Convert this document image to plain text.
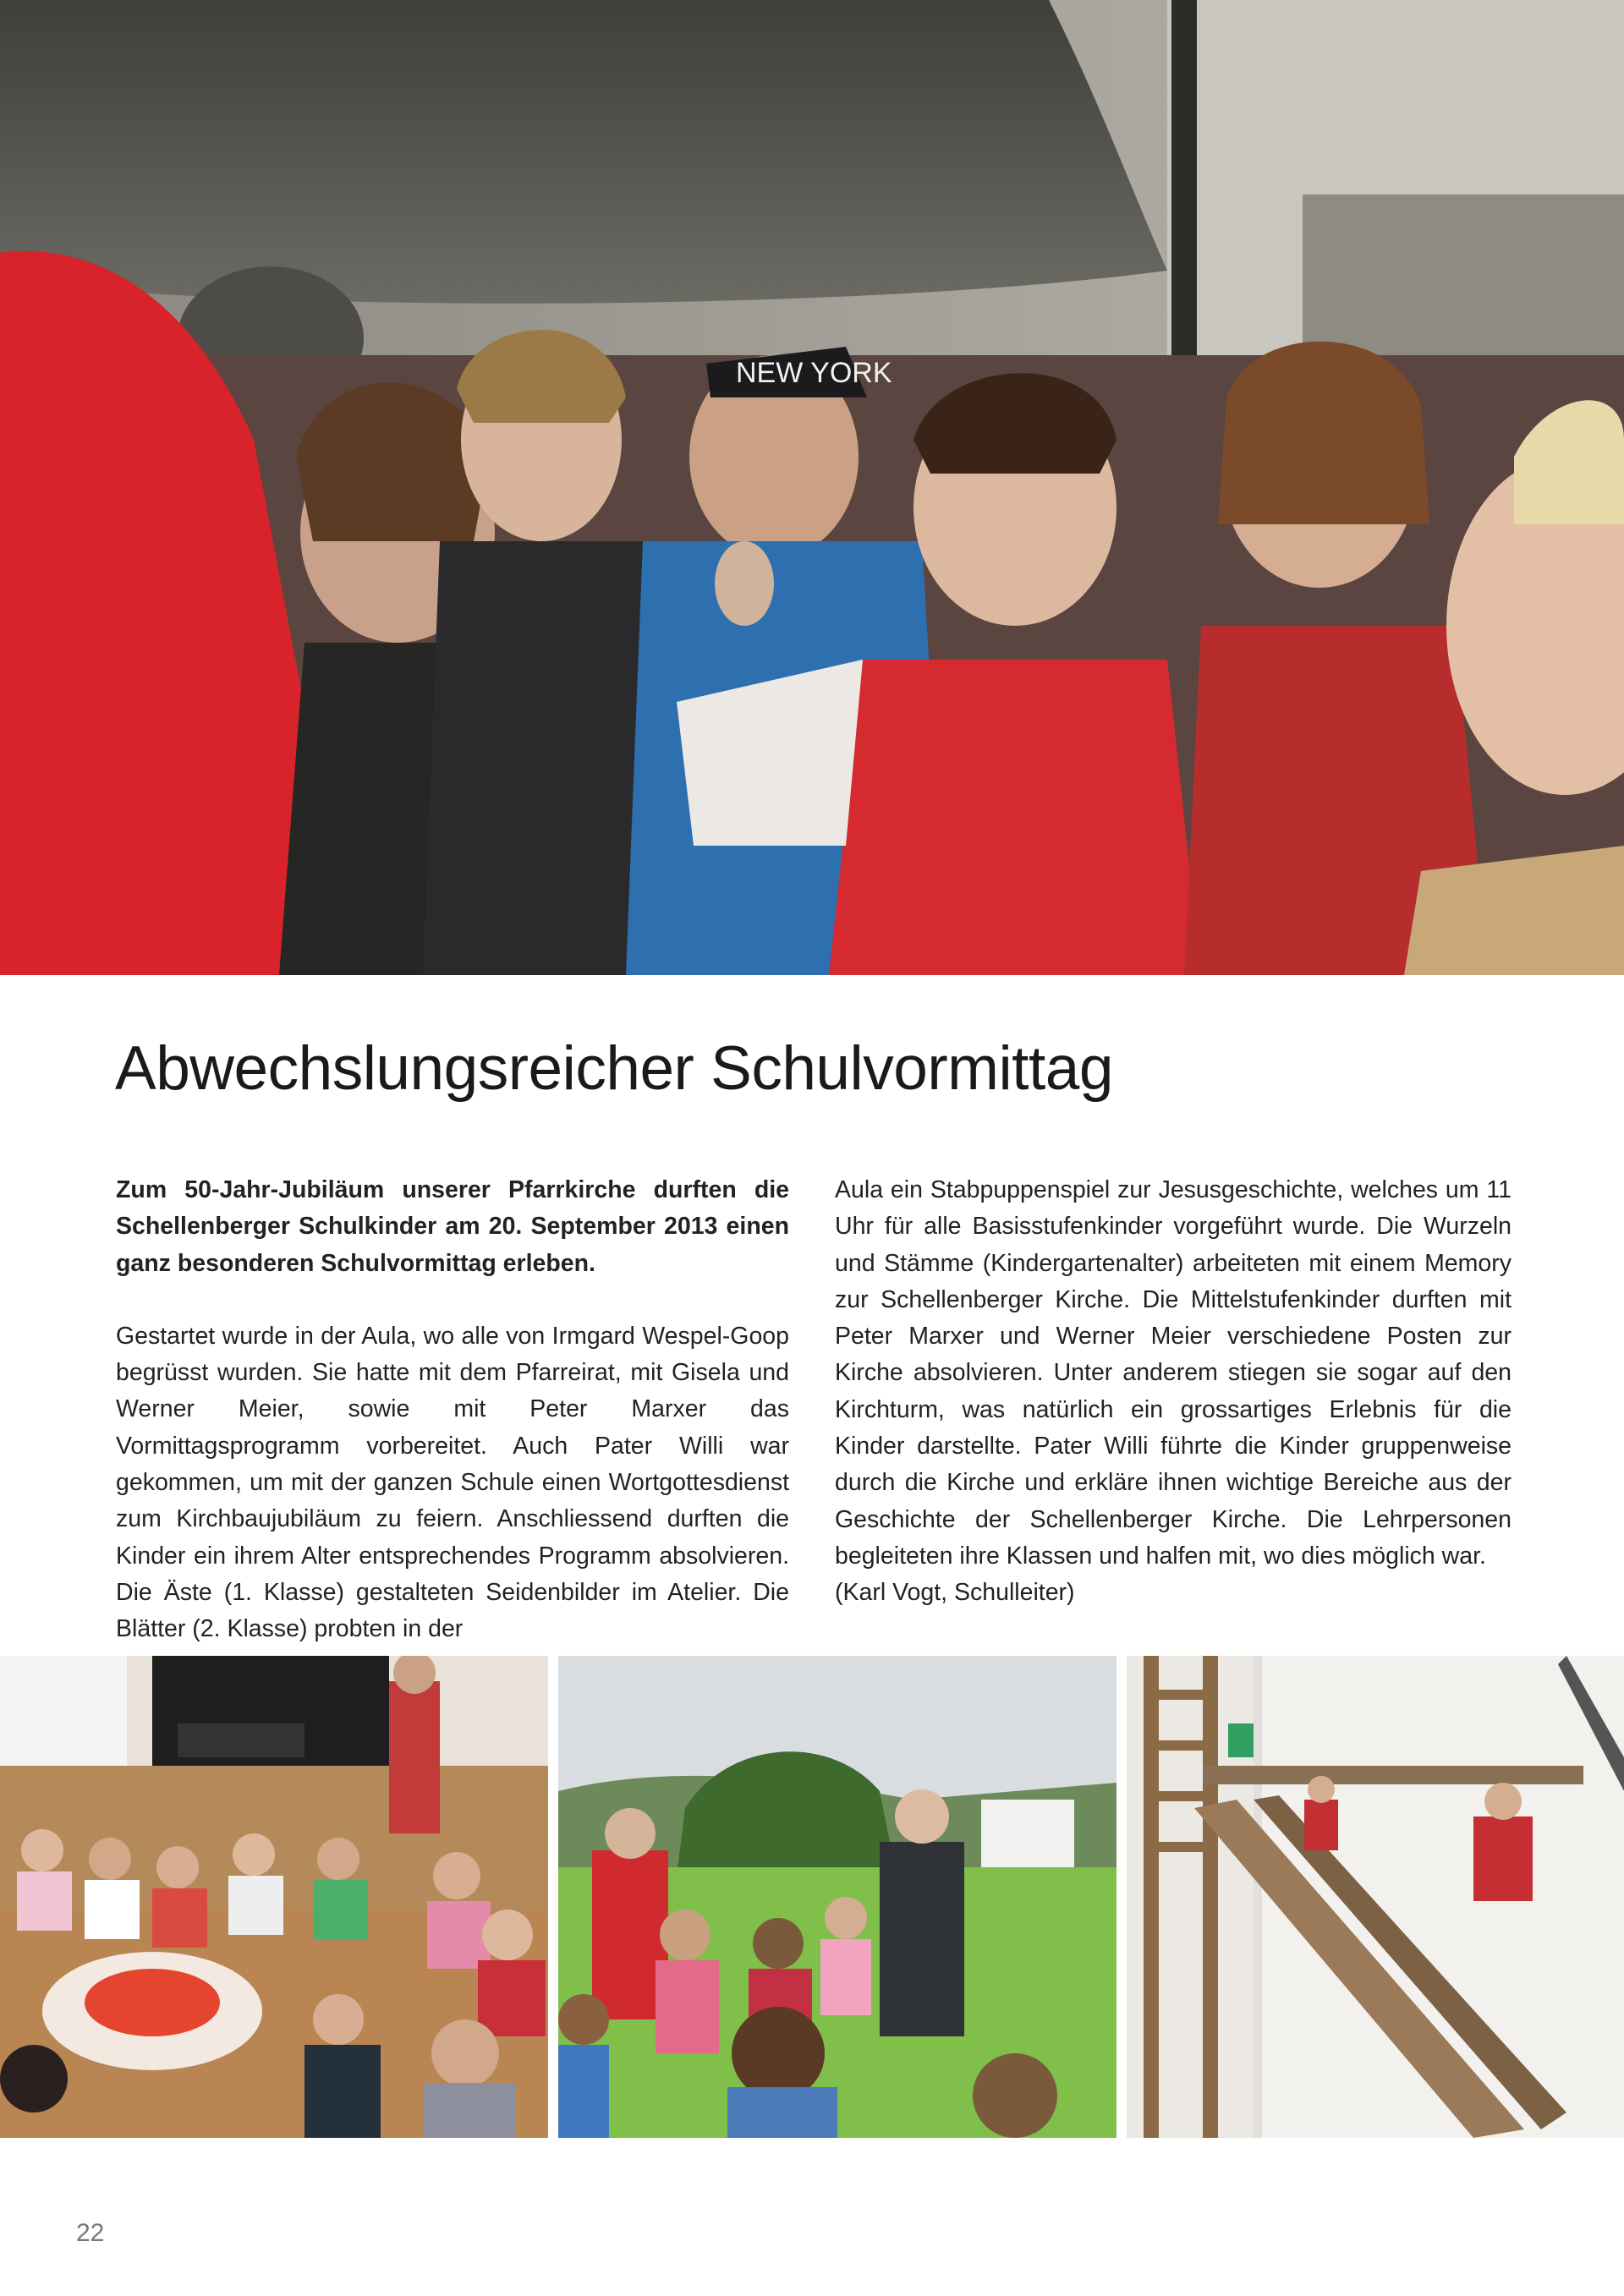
NEW YORK
Abwechslungsreicher Schulvormittag

Zum 50-Jahr-Jubiläum unserer Pfarrkirche durften die Schellenberger Schulkinder am 20. September 2013 einen ganz besonderen Schulvormittag erleben.

Gestartet wurde in der Aula, wo alle von Irmgard Wespel-Goop begrüsst wurden. Sie hatte mit dem Pfarreirat, mit Gisela und Werner Meier, sowie mit Peter Marxer das Vormittagsprogramm vorbereitet. Auch Pater Willi war gekommen, um mit der ganzen Schule einen Wortgottesdienst zum Kirchbaujubiläum zu feiern. Anschliessend durften die Kinder ein ihrem Alter entsprechendes Programm absolvieren. Die Äste (1. Klasse) gestalteten Seidenbilder im Atelier. Die Blätter (2. Klasse) probten in der

Aula ein Stabpuppenspiel zur Jesusgeschichte, welches um 11 Uhr für alle Basisstufenkinder vorgeführt wurde. Die Wurzeln und Stämme (Kindergartenalter) arbeiteten mit einem Memory zur Schellenberger Kirche. Die Mittelstufenkinder durften mit Peter Marxer und Werner Meier verschiedene Posten zur Kirche absolvieren. Unter anderem stiegen sie sogar auf den Kirchturm, was natürlich ein grossartiges Erlebnis für die Kinder darstellte. Pater Willi führte die Kinder gruppenweise durch die Kirche und erkläre ihnen wichtige Bereiche aus der Geschichte der Schellenberger Kirche. Die Lehrpersonen begleiteten ihre Klassen und halfen mit, wo dies möglich war.

(Karl Vogt, Schulleiter)

22
